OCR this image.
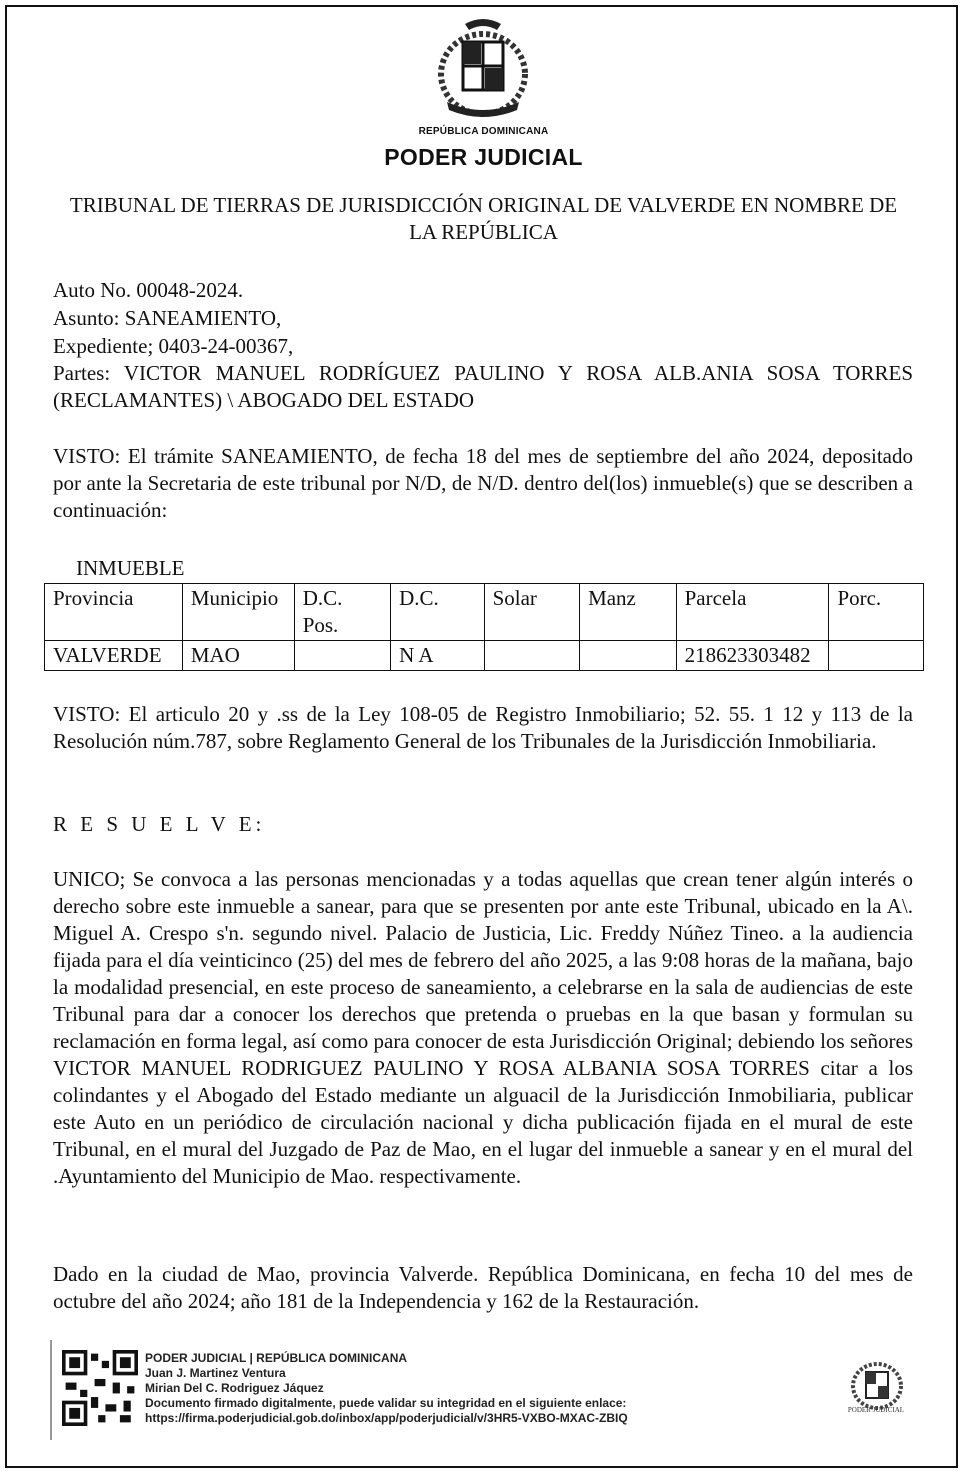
REPÚBLICA DOMINICANA
PODER JUDICIAL
TRIBUNAL DE TIERRAS DE JURISDICCIÓN ORIGINAL DE VALVERDE EN NOMBRE DE LA REPÚBLICA
Auto No. 00048-2024.
Asunto: SANEAMIENTO,
Expediente; 0403-24-00367,
Partes: VICTOR MANUEL RODRÍGUEZ PAULINO Y ROSA ALB.ANIA SOSA TORRES (RECLAMANTES) \ ABOGADO DEL ESTADO
VISTO: El trámite SANEAMIENTO, de fecha 18 del mes de septiembre del año 2024, depositado por ante la Secretaria de este tribunal por N/D, de N/D. dentro del(los) inmueble(s) que se describen a continuación:
INMUEBLE
Provincia	Municipio	D.C. Pos.	D.C.	Solar	Manz	Parcela	Porc.
VALVERDE	MAO		N A			218623303482	
VISTO: El articulo 20 y .ss de la Ley 108-05 de Registro Inmobiliario; 52. 55. 1 12 y 113 de la Resolución núm.787, sobre Reglamento General de los Tribunales de la Jurisdicción Inmobiliaria.
R E S U E L V E:
UNICO; Se convoca a las personas mencionadas y a todas aquellas que crean tener algún interés o derecho sobre este inmueble a sanear, para que se presenten por ante este Tribunal, ubicado en la A\. Miguel A. Crespo s'n. segundo nivel. Palacio de Justicia, Lic. Freddy Núñez Tineo. a la audiencia fijada para el día veinticinco (25) del mes de febrero del año 2025, a las 9:08 horas de la mañana, bajo la modalidad presencial, en este proceso de saneamiento, a celebrarse en la sala de audiencias de este Tribunal para dar a conocer los derechos que pretenda o pruebas en la que basan y formulan su reclamación en forma legal, así como para conocer de esta Jurisdicción Original; debiendo los señores VICTOR MANUEL RODRIGUEZ PAULINO Y ROSA ALBANIA SOSA TORRES citar a los colindantes y el Abogado del Estado mediante un alguacil de la Jurisdicción Inmobiliaria, publicar este Auto en un periódico de circulación nacional y dicha publicación fijada en el mural de este Tribunal, en el mural del Juzgado de Paz de Mao, en el lugar del inmueble a sanear y en el mural del .Ayuntamiento del Municipio de Mao. respectivamente.
Dado en la ciudad de Mao, provincia Valverde. República Dominicana, en fecha 10 del mes de octubre del año 2024; año 181 de la Independencia y 162 de la Restauración.
PODER JUDICIAL | REPÚBLICA DOMINICANA
Juan J. Martinez Ventura
Mirian Del C. Rodriguez Jáquez
Documento firmado digitalmente, puede validar su integridad en el siguiente enlace:
https://firma.poderjudicial.gob.do/inbox/app/poderjudicial/v/3HR5-VXBO-MXAC-ZBIQ
PODER JUDICIAL
